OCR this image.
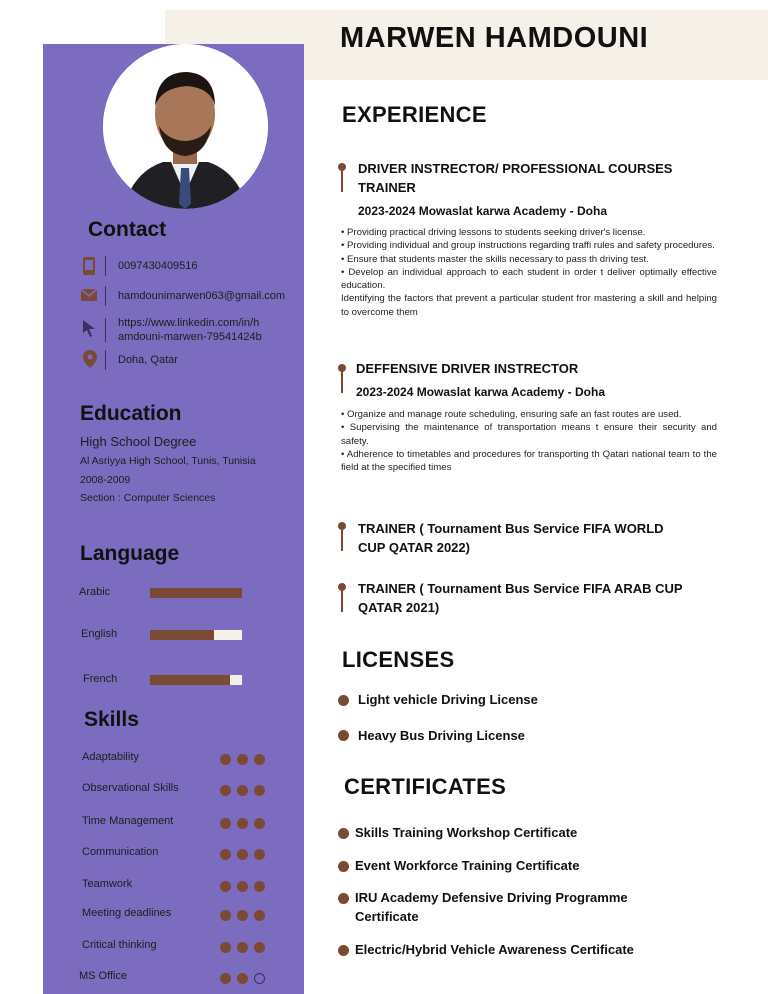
MARWEN HAMDOUNI
Contact
0097430409516
hamdounimarwen063@gmail.com
https://www.linkedin.com/in/h
amdouni-marwen-79541424b
Doha, Qatar
Education
High School Degree
Al Asriyya High School, Tunis, Tunisia
2008-2009
Section : Computer Sciences
Language
Arabic
English
French
Skills
Adaptability
Observational Skills
Time Management
Communication
Teamwork
Meeting deadlines
Critical thinking
MS Office
EXPERIENCE
DRIVER INSTRECTOR/ PROFESSIONAL COURSES
TRAINER
2023-2024 Mowaslat karwa Academy - Doha
• Providing practical driving lessons to students seeking driver's license.
• Providing individual and group instructions regarding traffi rules and safety procedures.
• Ensure that students master the skills necessary to pass th driving test.
• Develop an individual approach to each student in order t deliver optimally effective education.
Identifying the factors that prevent a particular student fror mastering a skill and helping to overcome them
DEFFENSIVE DRIVER INSTRECTOR
2023-2024 Mowaslat karwa Academy - Doha
• Organize and manage route scheduling, ensuring safe an fast routes are used.
• Supervising the maintenance of transportation means t ensure their security and safety.
• Adherence to timetables and procedures for transporting th Qatari national team to the field at the specified times
TRAINER ( Tournament Bus Service FIFA WORLD
CUP QATAR 2022)
TRAINER ( Tournament Bus Service FIFA ARAB CUP
QATAR 2021)
LICENSES
Light vehicle Driving License
Heavy Bus Driving License
CERTIFICATES
Skills Training Workshop Certificate
Event Workforce Training Certificate
IRU Academy Defensive Driving Programme
Certificate
Electric/Hybrid Vehicle Awareness Certificate
